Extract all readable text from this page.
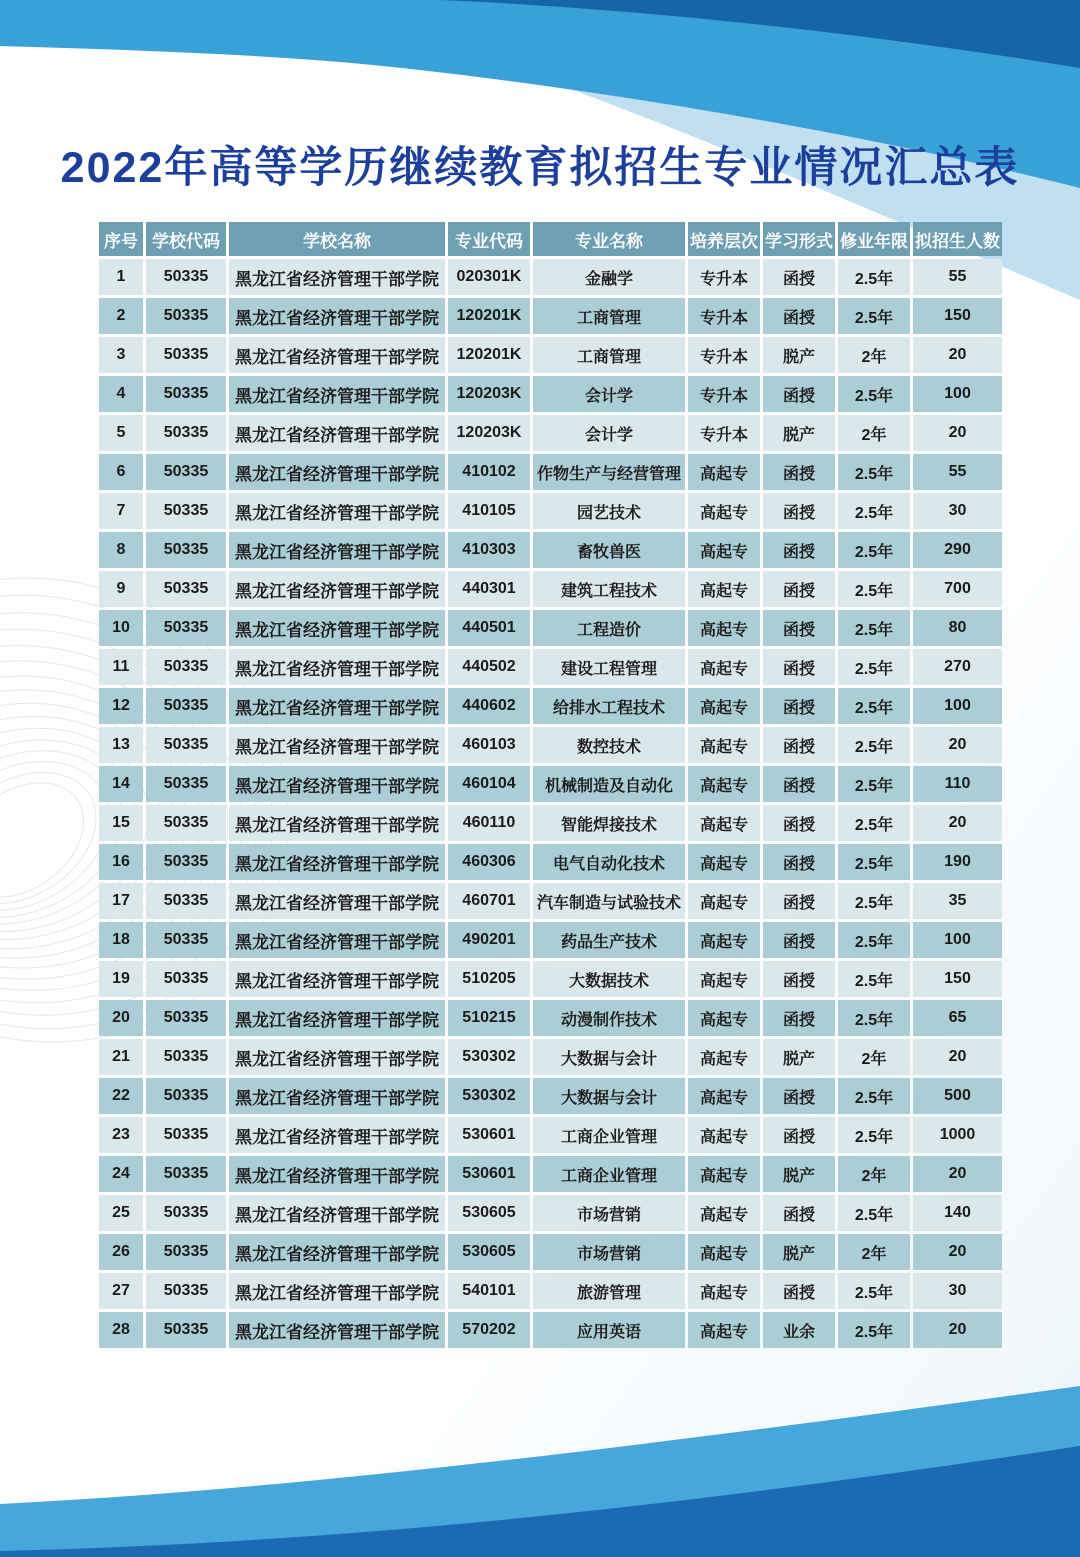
2022年高等学历继续教育拟招生专业情况汇总表
序号	学校代码	学校名称	专业代码	专业名称	培养层次	学习形式	修业年限	拟招生人数
1	50335	黑龙江省经济管理干部学院	020301K	金融学	专升本	函授	2.5年	55
2	50335	黑龙江省经济管理干部学院	120201K	工商管理	专升本	函授	2.5年	150
3	50335	黑龙江省经济管理干部学院	120201K	工商管理	专升本	脱产	2年	20
4	50335	黑龙江省经济管理干部学院	120203K	会计学	专升本	函授	2.5年	100
5	50335	黑龙江省经济管理干部学院	120203K	会计学	专升本	脱产	2年	20
6	50335	黑龙江省经济管理干部学院	410102	作物生产与经营管理	高起专	函授	2.5年	55
7	50335	黑龙江省经济管理干部学院	410105	园艺技术	高起专	函授	2.5年	30
8	50335	黑龙江省经济管理干部学院	410303	畜牧兽医	高起专	函授	2.5年	290
9	50335	黑龙江省经济管理干部学院	440301	建筑工程技术	高起专	函授	2.5年	700
10	50335	黑龙江省经济管理干部学院	440501	工程造价	高起专	函授	2.5年	80
11	50335	黑龙江省经济管理干部学院	440502	建设工程管理	高起专	函授	2.5年	270
12	50335	黑龙江省经济管理干部学院	440602	给排水工程技术	高起专	函授	2.5年	100
13	50335	黑龙江省经济管理干部学院	460103	数控技术	高起专	函授	2.5年	20
14	50335	黑龙江省经济管理干部学院	460104	机械制造及自动化	高起专	函授	2.5年	110
15	50335	黑龙江省经济管理干部学院	460110	智能焊接技术	高起专	函授	2.5年	20
16	50335	黑龙江省经济管理干部学院	460306	电气自动化技术	高起专	函授	2.5年	190
17	50335	黑龙江省经济管理干部学院	460701	汽车制造与试验技术	高起专	函授	2.5年	35
18	50335	黑龙江省经济管理干部学院	490201	药品生产技术	高起专	函授	2.5年	100
19	50335	黑龙江省经济管理干部学院	510205	大数据技术	高起专	函授	2.5年	150
20	50335	黑龙江省经济管理干部学院	510215	动漫制作技术	高起专	函授	2.5年	65
21	50335	黑龙江省经济管理干部学院	530302	大数据与会计	高起专	脱产	2年	20
22	50335	黑龙江省经济管理干部学院	530302	大数据与会计	高起专	函授	2.5年	500
23	50335	黑龙江省经济管理干部学院	530601	工商企业管理	高起专	函授	2.5年	1000
24	50335	黑龙江省经济管理干部学院	530601	工商企业管理	高起专	脱产	2年	20
25	50335	黑龙江省经济管理干部学院	530605	市场营销	高起专	函授	2.5年	140
26	50335	黑龙江省经济管理干部学院	530605	市场营销	高起专	脱产	2年	20
27	50335	黑龙江省经济管理干部学院	540101	旅游管理	高起专	函授	2.5年	30
28	50335	黑龙江省经济管理干部学院	570202	应用英语	高起专	业余	2.5年	20
